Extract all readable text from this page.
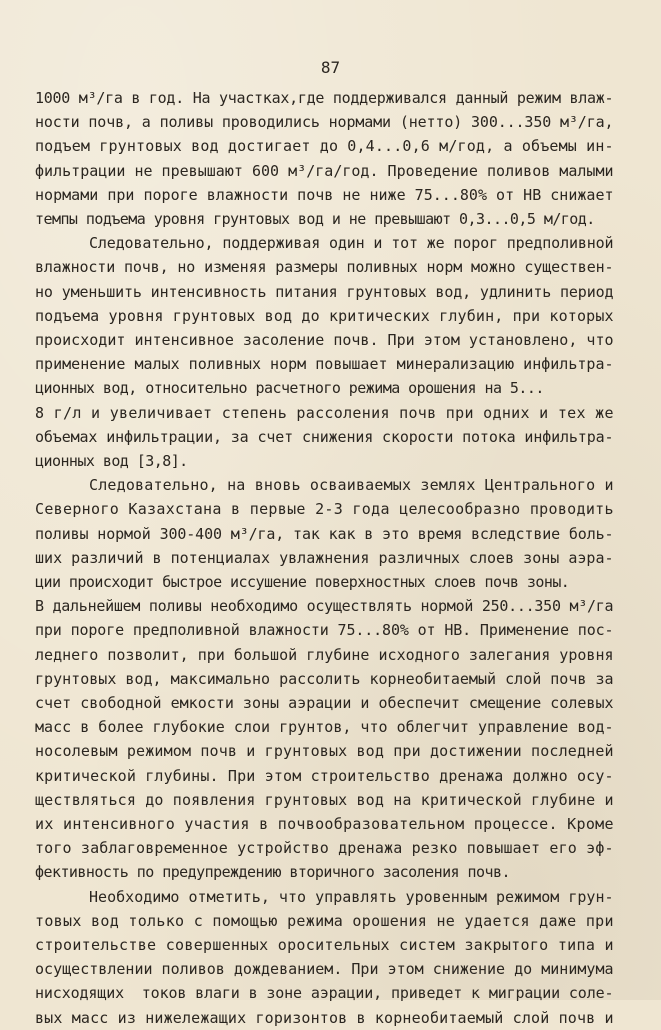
87
1000 м³/га в год. На участках,где поддерживался данный режим влаж-
ности почв, а поливы проводились нормами (нетто) 300...350 м³/га,
подъем грунтовых вод достигает до 0,4...0,6 м/год, а объемы ин-
фильтрации не превышают 600 м³/га/год. Проведение поливов малыми
нормами при пороге влажности почв не ниже 75...80% от НВ снижает
темпы подъема уровня грунтовых вод и не превышают 0,3...0,5 м/год.
Следовательно, поддерживая один и тот же порог предполивной
влажности почв, но изменяя размеры поливных норм можно существен-
но уменьшить интенсивность питания грунтовых вод, удлинить период
подъема уровня грунтовых вод до критических глубин, при которых
происходит интенсивное засоление почв. При этом установлено, что
применение малых поливных норм повышает минерализацию инфильтра-
ционных вод, относительно расчетного режима орошения на 5...
8 г/л и увеличивает степень рассоления почв при одних и тех же
объемах инфильтрации, за счет снижения скорости потока инфильтра-
ционных вод [3,8].
Следовательно, на вновь осваиваемых землях Центрального и
Северного Казахстана в первые 2-3 года целесообразно проводить
поливы нормой 300-400 м³/га, так как в это время вследствие боль-
ших различий в потенциалах увлажнения различных слоев зоны аэра-
ции происходит быстрое иссушение поверхностных слоев почв зоны.
В дальнейшем поливы необходимо осуществлять нормой 250...350 м³/га
при пороге предполивной влажности 75...80% от НВ. Применение пос-
леднего позволит, при большой глубине исходного залегания уровня
грунтовых вод, максимально рассолить корнеобитаемый слой почв за
счет свободной емкости зоны аэрации и обеспечит смещение солевых
масс в более глубокие слои грунтов, что облегчит управление вод-
носолевым режимом почв и грунтовых вод при достижении последней
критической глубины. При этом строительство дренажа должно осу-
ществляться до появления грунтовых вод на критической глубине и
их интенсивного участия в почвообразовательном процессе. Кроме
того заблаговременное устройство дренажа резко повышает его эф-
фективность по предупреждению вторичного засоления почв.
Необходимо отметить, что управлять уровенным режимом грун-
товых вод только с помощью режима орошения не удается даже при
строительстве совершенных оросительных систем закрытого типа и
осуществлении поливов дождеванием. При этом снижение до минимума
нисходящих  токов влаги в зоне аэрации, приведет к миграции соле-
вых масс из нижележащих горизонтов в корнеобитаемый слой почв и
